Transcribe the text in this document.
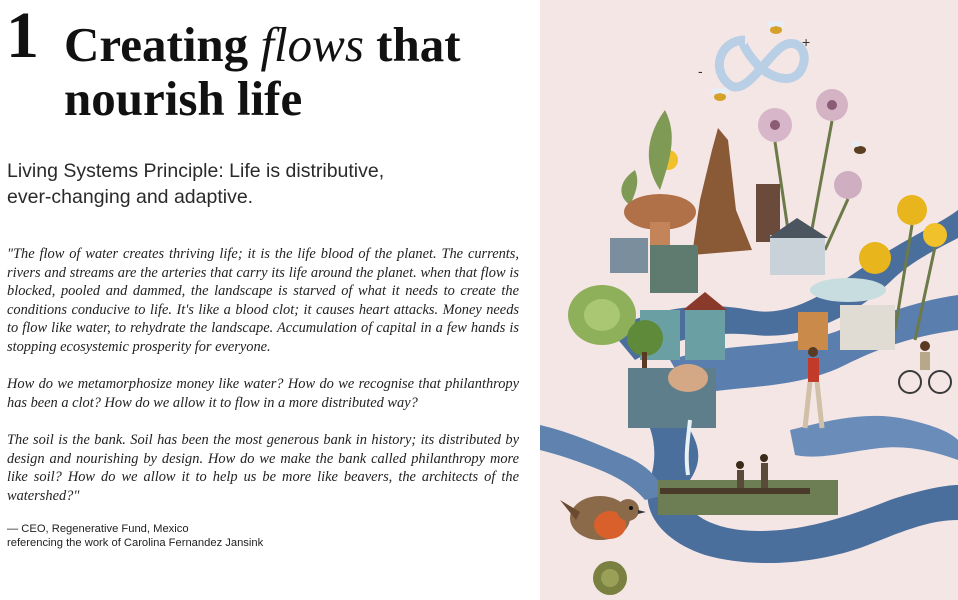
1 Creating flows that nourish life
Living Systems Principle: Life is distributive,
ever-changing and adaptive.

"The flow of water creates thriving life; it is the life blood of the planet. The currents, rivers and streams are the arteries that carry its life around the planet. when that flow is blocked, pooled and dammed, the landscape is starved of what it needs to create the conditions conducive to life. It's like a blood clot; it causes heart attacks. Money needs to flow like water, to rehydrate the landscape. Accumulation of capital in a few hands is stopping ecosystemic prosperity for everyone.

How do we metamorphosize money like water? How do we recognise that philanthropy has been a clot? How do we allow it to flow in a more distributed way?

The soil is the bank. Soil has been the most generous bank in history; its distributed by design and nourishing by design. How do we make the bank called philanthropy more like soil? How do we allow it to help us be more like beavers, the architects of the watershed?"

— CEO, Regenerative Fund, Mexico
referencing the work of Carolina Fernandez Jansink
-
+
